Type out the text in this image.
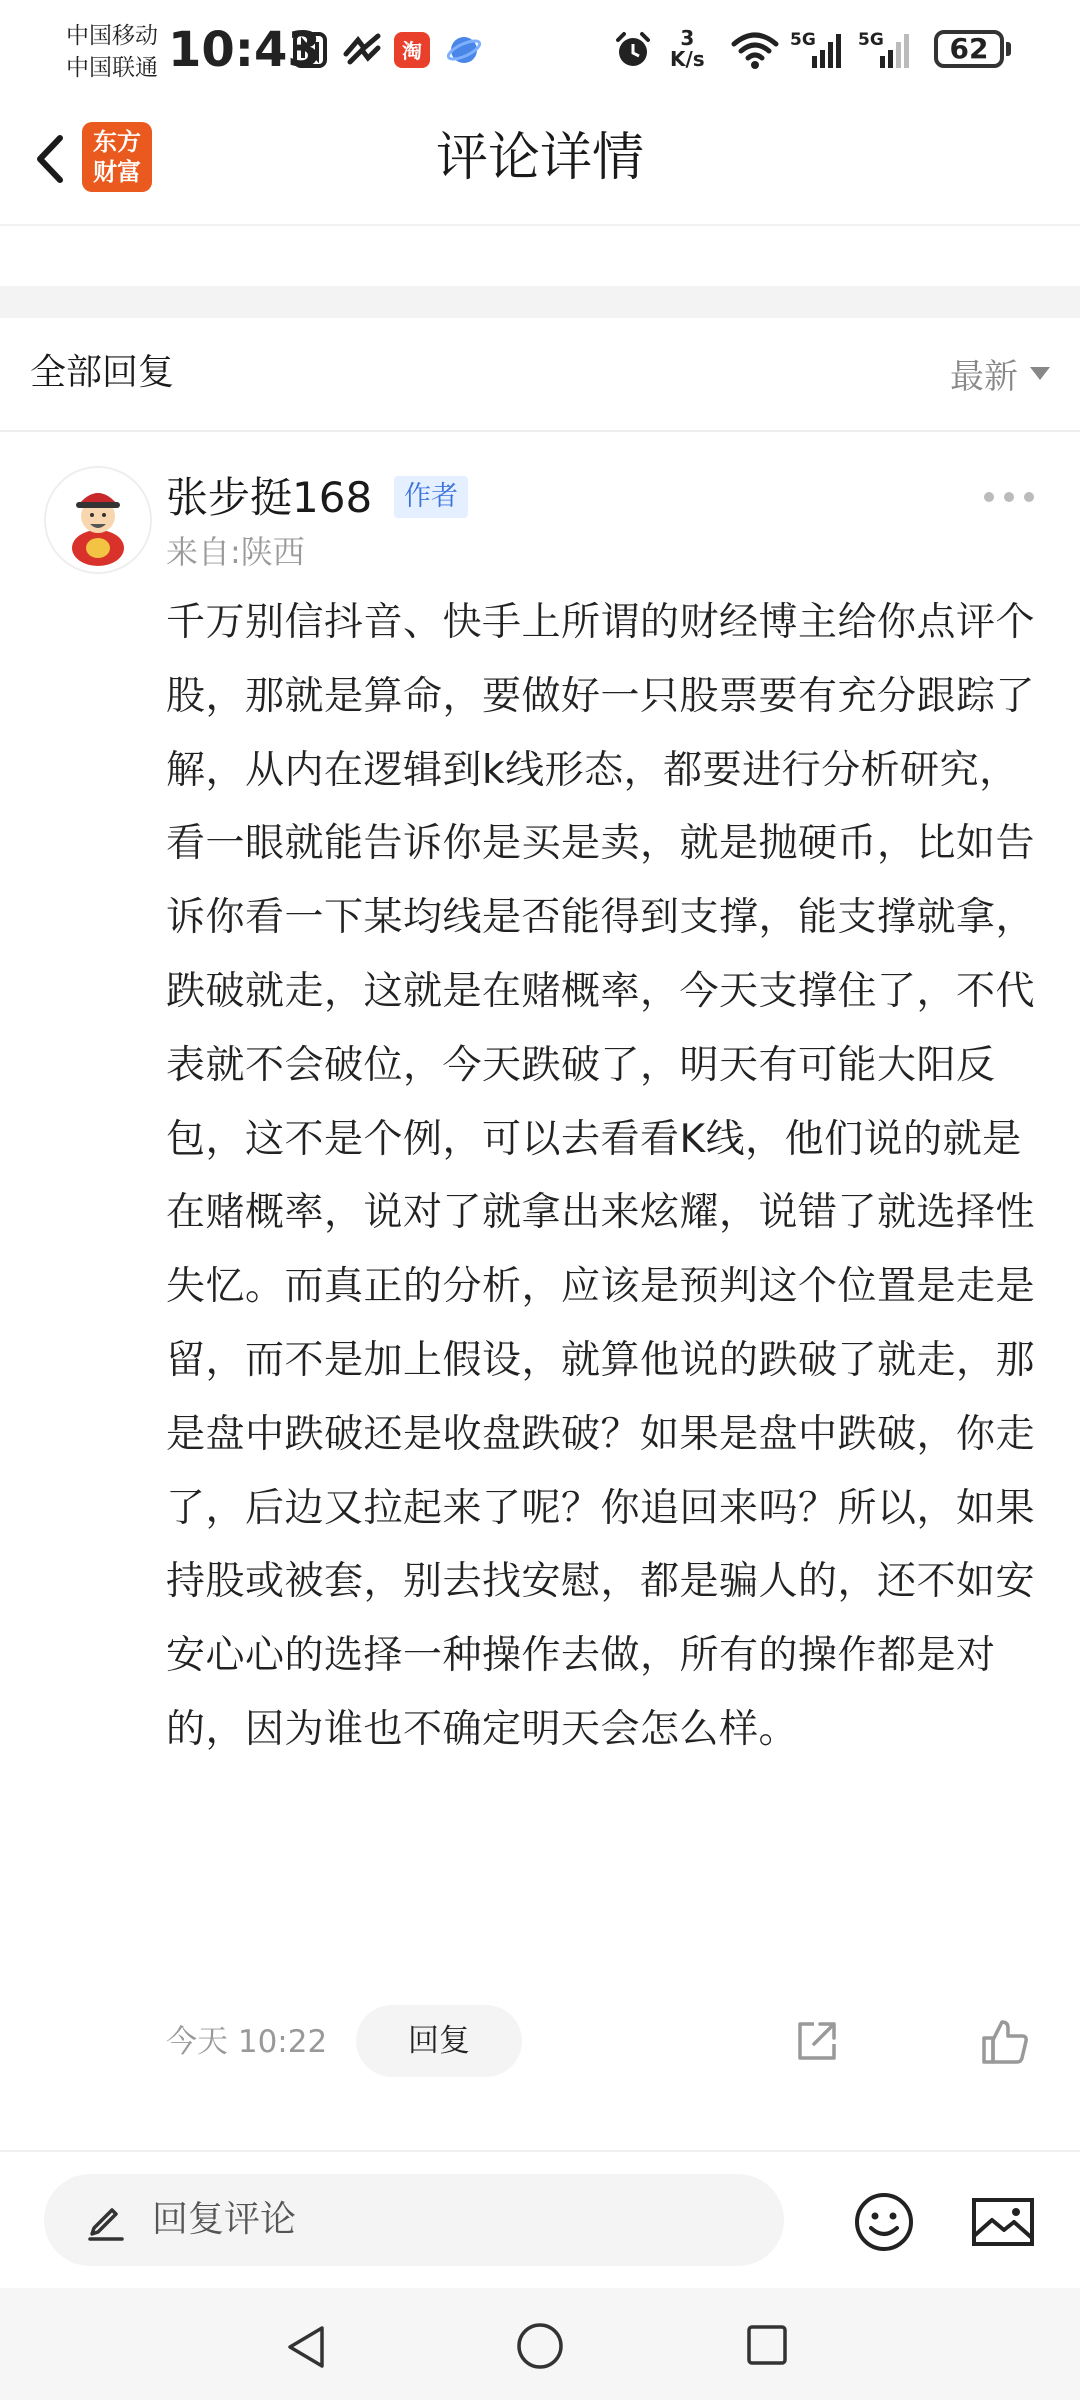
中国移动
中国联通 10:43	淘
3
K/s
5G 5G	62
东方
财富	评论详情
全部回复	最新
张步挺168	作者
来自:陕西
千万别信抖音、快手上所谓的财经博主给你点评个股，那就是算命，要做好一只股票要有充分跟踪了解，从内在逻辑到k线形态，都要进行分析研究，看一眼就能告诉你是买是卖，就是抛硬币，比如告诉你看一下某均线是否能得到支撑，能支撑就拿，跌破就走，这就是在赌概率，今天支撑住了，不代表就不会破位，今天跌破了，明天有可能大阳反包，这不是个例，可以去看看K线，他们说的就是在赌概率，说对了就拿出来炫耀，说错了就选择性失忆。而真正的分析，应该是预判这个位置是走是留，而不是加上假设，就算他说的跌破了就走，那是盘中跌破还是收盘跌破？如果是盘中跌破，你走了，后边又拉起来了呢？你追回来吗？所以，如果持股或被套，别去找安慰，都是骗人的，还不如安安心心的选择一种操作去做，所有的操作都是对的，因为谁也不确定明天会怎么样。
今天 10:22	回复
回复评论
